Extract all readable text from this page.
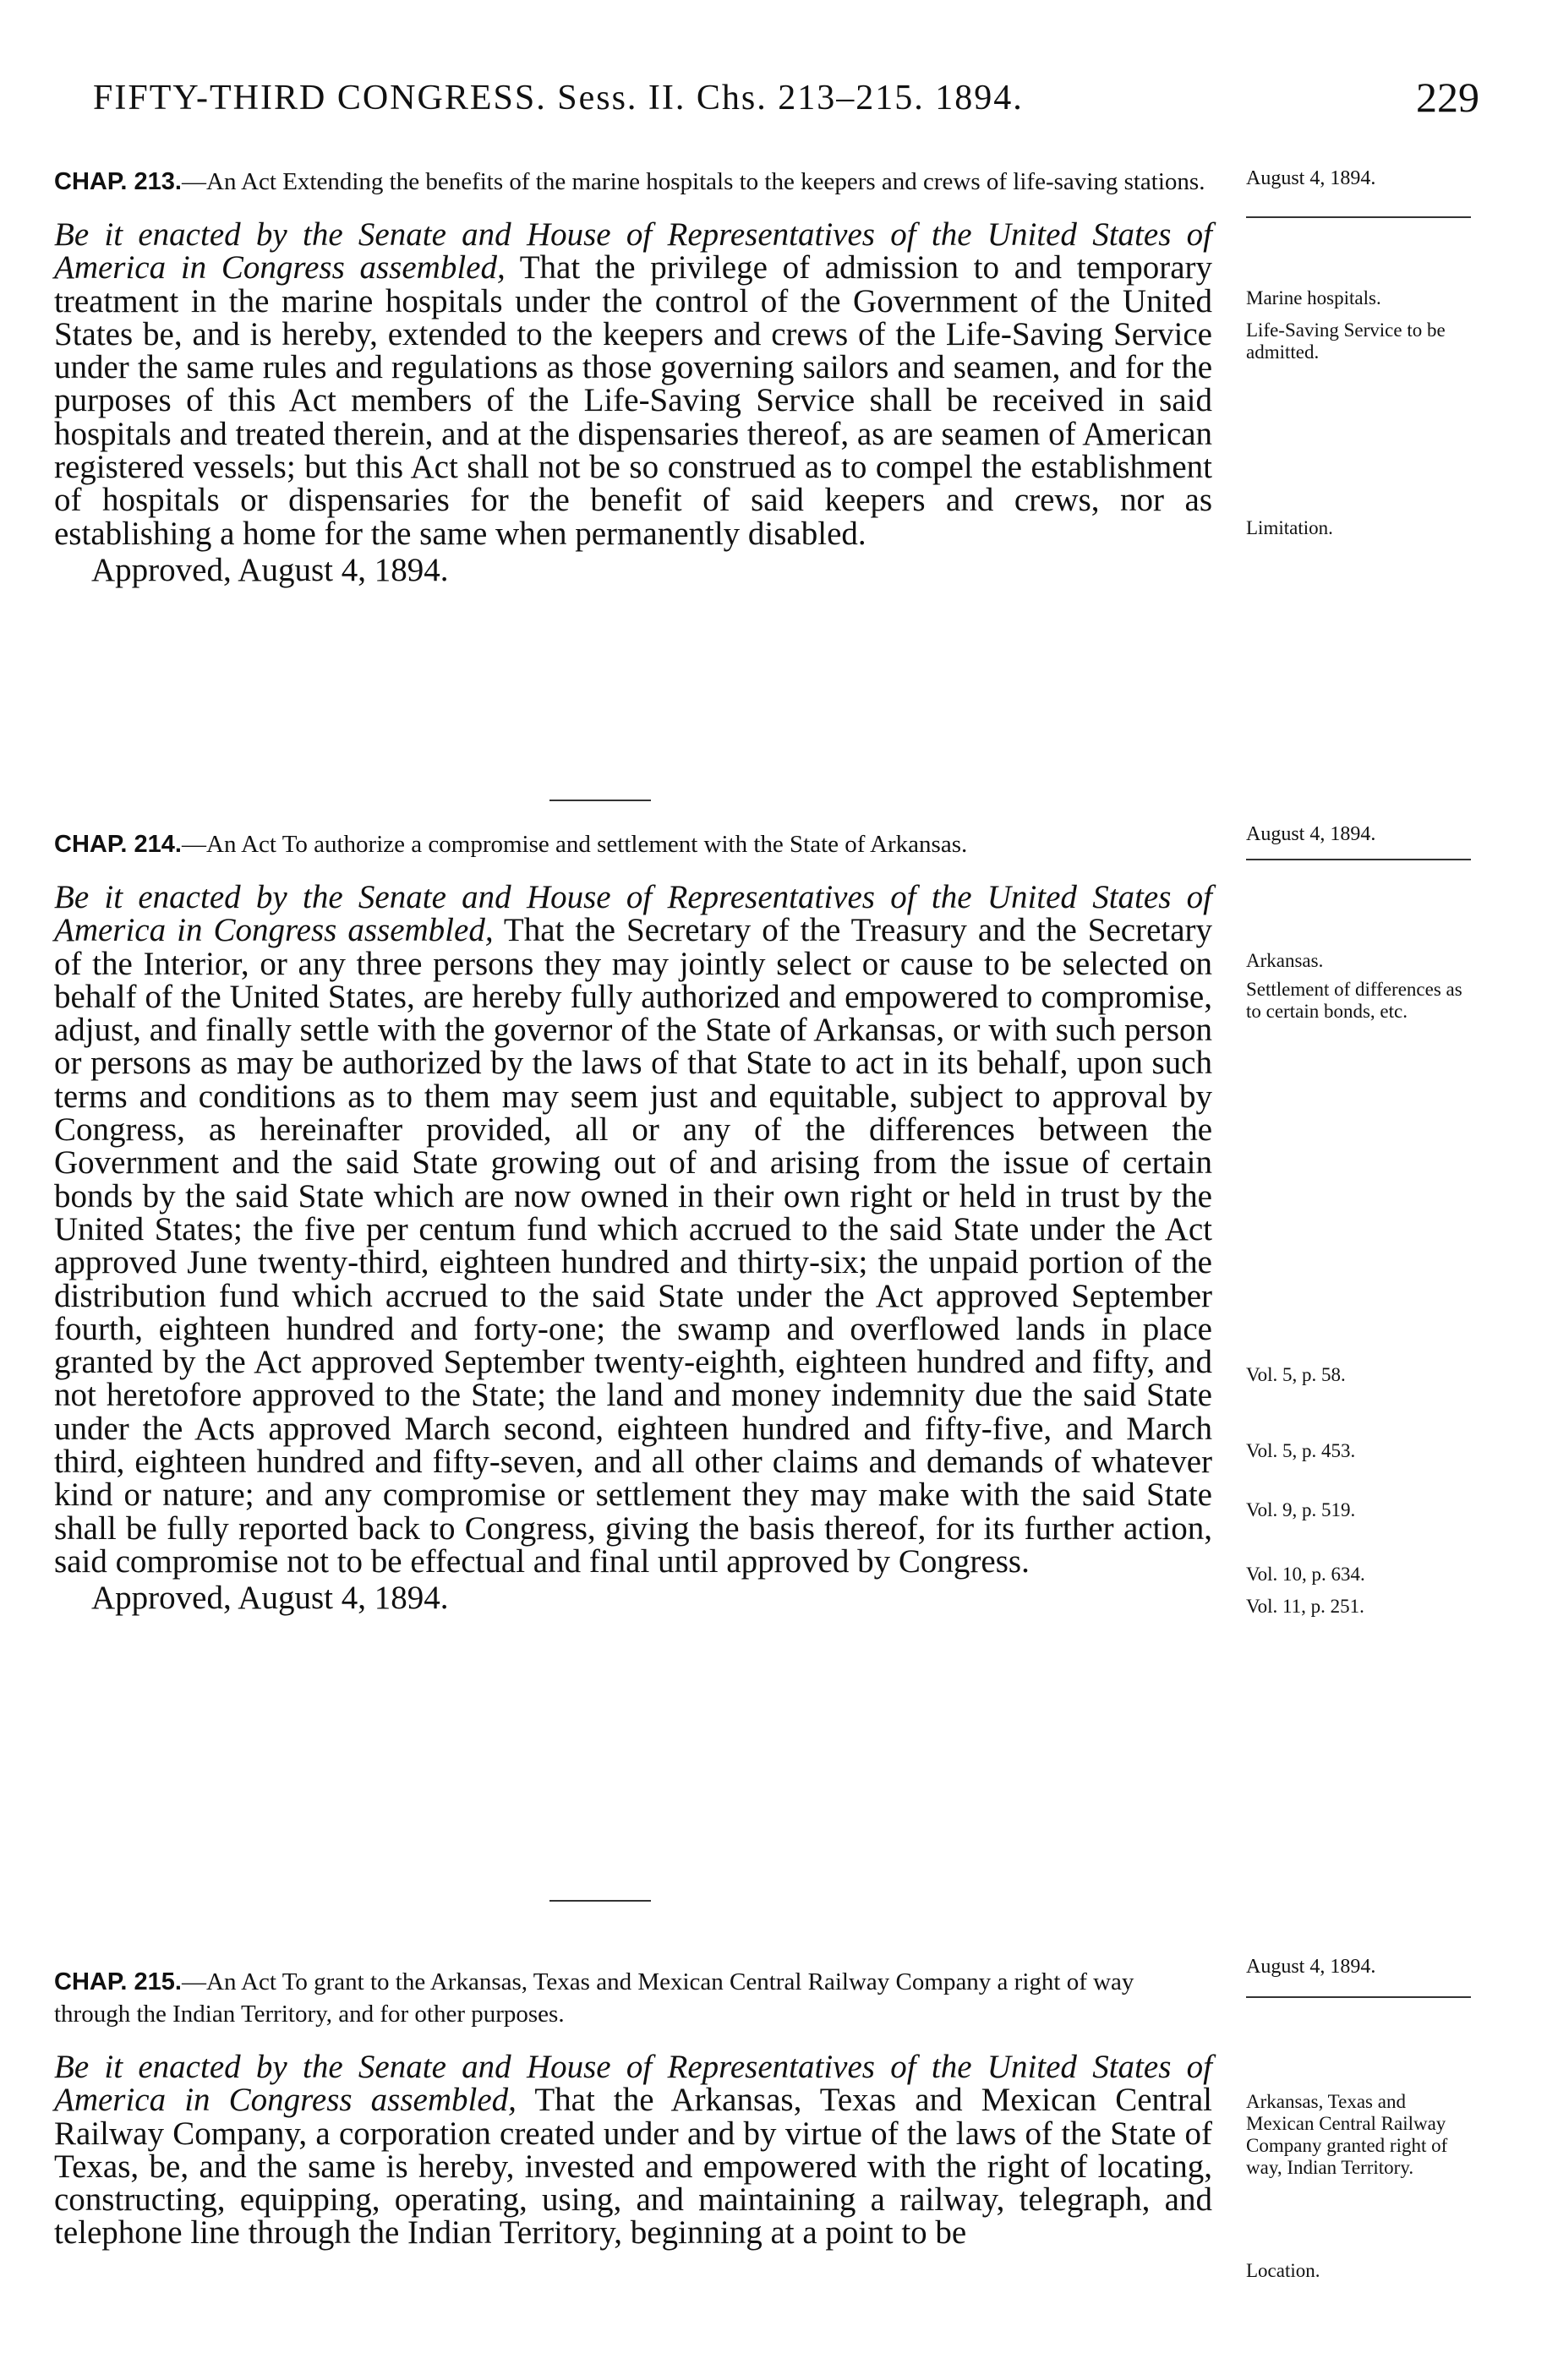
FIFTY-THIRD CONGRESS. Sess. II. Chs. 213–215. 1894.	229

CHAP. 213.—An Act Extending the benefits of the marine hospitals to the keepers and crews of life-saving stations.

Be it enacted by the Senate and House of Representatives of the United States of America in Congress assembled, That the privilege of admission to and temporary treatment in the marine hospitals under the control of the Government of the United States be, and is hereby, extended to the keepers and crews of the Life-Saving Service under the same rules and regulations as those governing sailors and seamen, and for the purposes of this Act members of the Life-Saving Service shall be received in said hospitals and treated therein, and at the dispensaries thereof, as are seamen of American registered vessels; but this Act shall not be so construed as to compel the establishment of hospitals or dispensaries for the benefit of said keepers and crews, nor as establishing a home for the same when permanently disabled.

Approved, August 4, 1894.

August 4, 1894.
Marine hospitals.
Life-Saving Service to be admitted.
Limitation.

CHAP. 214.—An Act To authorize a compromise and settlement with the State of Arkansas.

Be it enacted by the Senate and House of Representatives of the United States of America in Congress assembled, That the Secretary of the Treasury and the Secretary of the Interior, or any three persons they may jointly select or cause to be selected on behalf of the United States, are hereby fully authorized and empowered to compromise, adjust, and finally settle with the governor of the State of Arkansas, or with such person or persons as may be authorized by the laws of that State to act in its behalf, upon such terms and conditions as to them may seem just and equitable, subject to approval by Congress, as hereinafter provided, all or any of the differences between the Government and the said State growing out of and arising from the issue of certain bonds by the said State which are now owned in their own right or held in trust by the United States; the five per centum fund which accrued to the said State under the Act approved June twenty-third, eighteen hundred and thirty-six; the unpaid portion of the distribution fund which accrued to the said State under the Act approved September fourth, eighteen hundred and forty-one; the swamp and overflowed lands in place granted by the Act approved September twenty-eighth, eighteen hundred and fifty, and not heretofore approved to the State; the land and money indemnity due the said State under the Acts approved March second, eighteen hundred and fifty-five, and March third, eighteen hundred and fifty-seven, and all other claims and demands of whatever kind or nature; and any compromise or settlement they may make with the said State shall be fully reported back to Congress, giving the basis thereof, for its further action, said compromise not to be effectual and final until approved by Congress.

Approved, August 4, 1894.

August 4, 1894.
Arkansas.
Settlement of differences as to certain bonds, etc.
Vol. 5, p. 58.
Vol. 5, p. 453.
Vol. 9, p. 519.
Vol. 10, p. 634.
Vol. 11, p. 251.

CHAP. 215.—An Act To grant to the Arkansas, Texas and Mexican Central Railway Company a right of way through the Indian Territory, and for other purposes.

Be it enacted by the Senate and House of Representatives of the United States of America in Congress assembled, That the Arkansas, Texas and Mexican Central Railway Company, a corporation created under and by virtue of the laws of the State of Texas, be, and the same is hereby, invested and empowered with the right of locating, constructing, equipping, operating, using, and maintaining a railway, telegraph, and telephone line through the Indian Territory, beginning at a point to be

August 4, 1894.
Arkansas, Texas and Mexican Central Railway Company granted right of way, Indian Territory.
Location.
